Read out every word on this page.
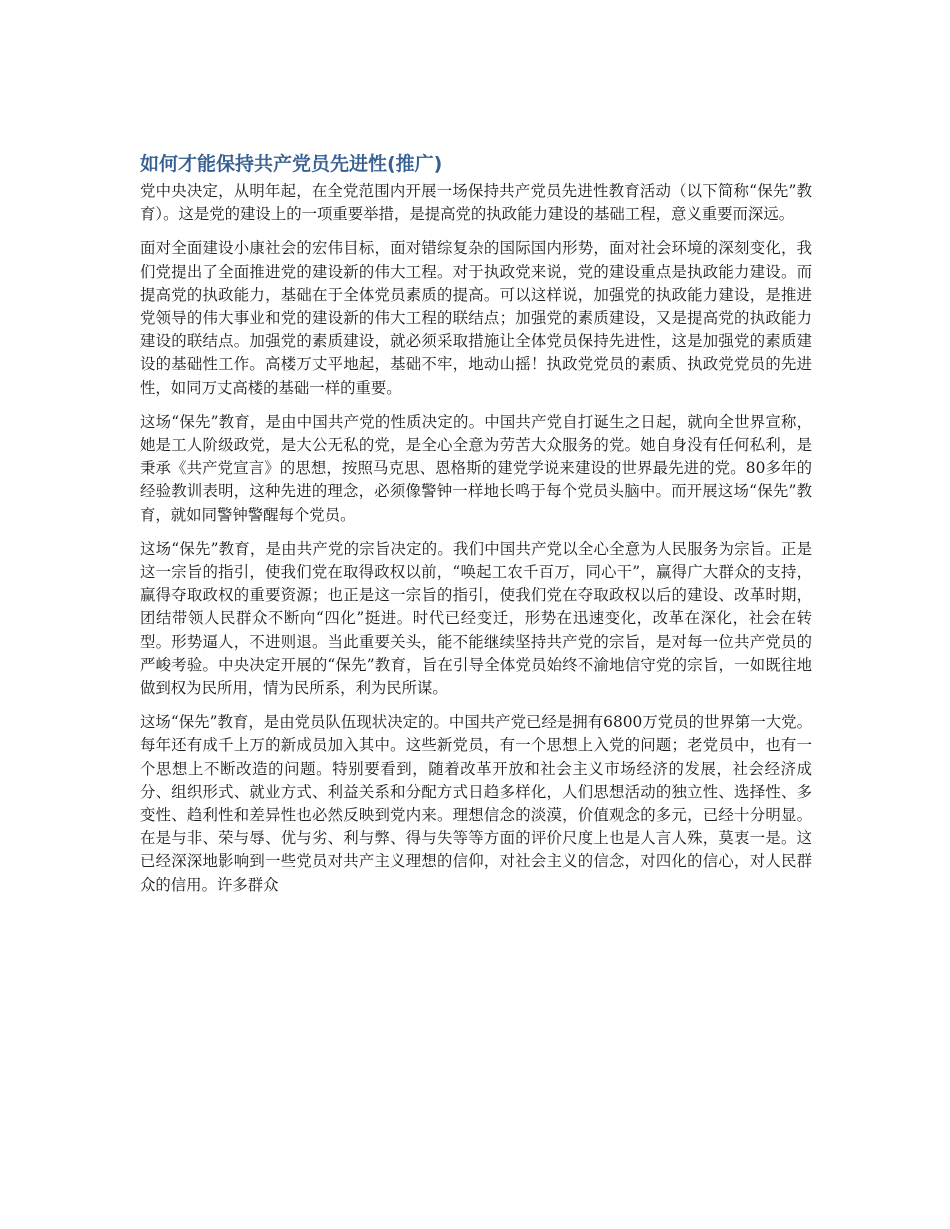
如何才能保持共产党员先进性(推广)

党中央决定，从明年起，在全党范围内开展一场保持共产党员先进性教育活动（以下简称“保先”教育）。这是党的建设上的一项重要举措，是提高党的执政能力建设的基础工程，意义重要而深远。

面对全面建设小康社会的宏伟目标，面对错综复杂的国际国内形势，面对社会环境的深刻变化，我们党提出了全面推进党的建设新的伟大工程。对于执政党来说，党的建设重点是执政能力建设。而提高党的执政能力，基础在于全体党员素质的提高。可以这样说，加强党的执政能力建设，是推进党领导的伟大事业和党的建设新的伟大工程的联结点；加强党的素质建设，又是提高党的执政能力建设的联结点。加强党的素质建设，就必须采取措施让全体党员保持先进性，这是加强党的素质建设的基础性工作。高楼万丈平地起，基础不牢，地动山摇！执政党党员的素质、执政党党员的先进性，如同万丈高楼的基础一样的重要。

这场“保先”教育，是由中国共产党的性质决定的。中国共产党自打诞生之日起，就向全世界宣称，她是工人阶级政党，是大公无私的党，是全心全意为劳苦大众服务的党。她自身没有任何私利，是秉承《共产党宣言》的思想，按照马克思、恩格斯的建党学说来建设的世界最先进的党。80多年的经验教训表明，这种先进的理念，必须像警钟一样地长鸣于每个党员头脑中。而开展这场“保先”教育，就如同警钟警醒每个党员。

这场“保先”教育，是由共产党的宗旨决定的。我们中国共产党以全心全意为人民服务为宗旨。正是这一宗旨的指引，使我们党在取得政权以前，“唤起工农千百万，同心干”，赢得广大群众的支持，赢得夺取政权的重要资源；也正是这一宗旨的指引，使我们党在夺取政权以后的建设、改革时期，团结带领人民群众不断向“四化”挺进。时代已经变迁，形势在迅速变化，改革在深化，社会在转型。形势逼人，不进则退。当此重要关头，能不能继续坚持共产党的宗旨，是对每一位共产党员的严峻考验。中央决定开展的“保先”教育，旨在引导全体党员始终不渝地信守党的宗旨，一如既往地做到权为民所用，情为民所系，利为民所谋。

这场“保先”教育，是由党员队伍现状决定的。中国共产党已经是拥有6800万党员的世界第一大党。每年还有成千上万的新成员加入其中。这些新党员，有一个思想上入党的问题；老党员中，也有一个思想上不断改造的问题。特别要看到，随着改革开放和社会主义市场经济的发展，社会经济成分、组织形式、就业方式、利益关系和分配方式日趋多样化，人们思想活动的独立性、选择性、多变性、趋利性和差异性也必然反映到党内来。理想信念的淡漠，价值观念的多元，已经十分明显。在是与非、荣与辱、优与劣、利与弊、得与失等等方面的评价尺度上也是人言人殊，莫衷一是。这已经深深地影响到一些党员对共产主义理想的信仰，对社会主义的信念，对四化的信心，对人民群众的信用。许多群众
